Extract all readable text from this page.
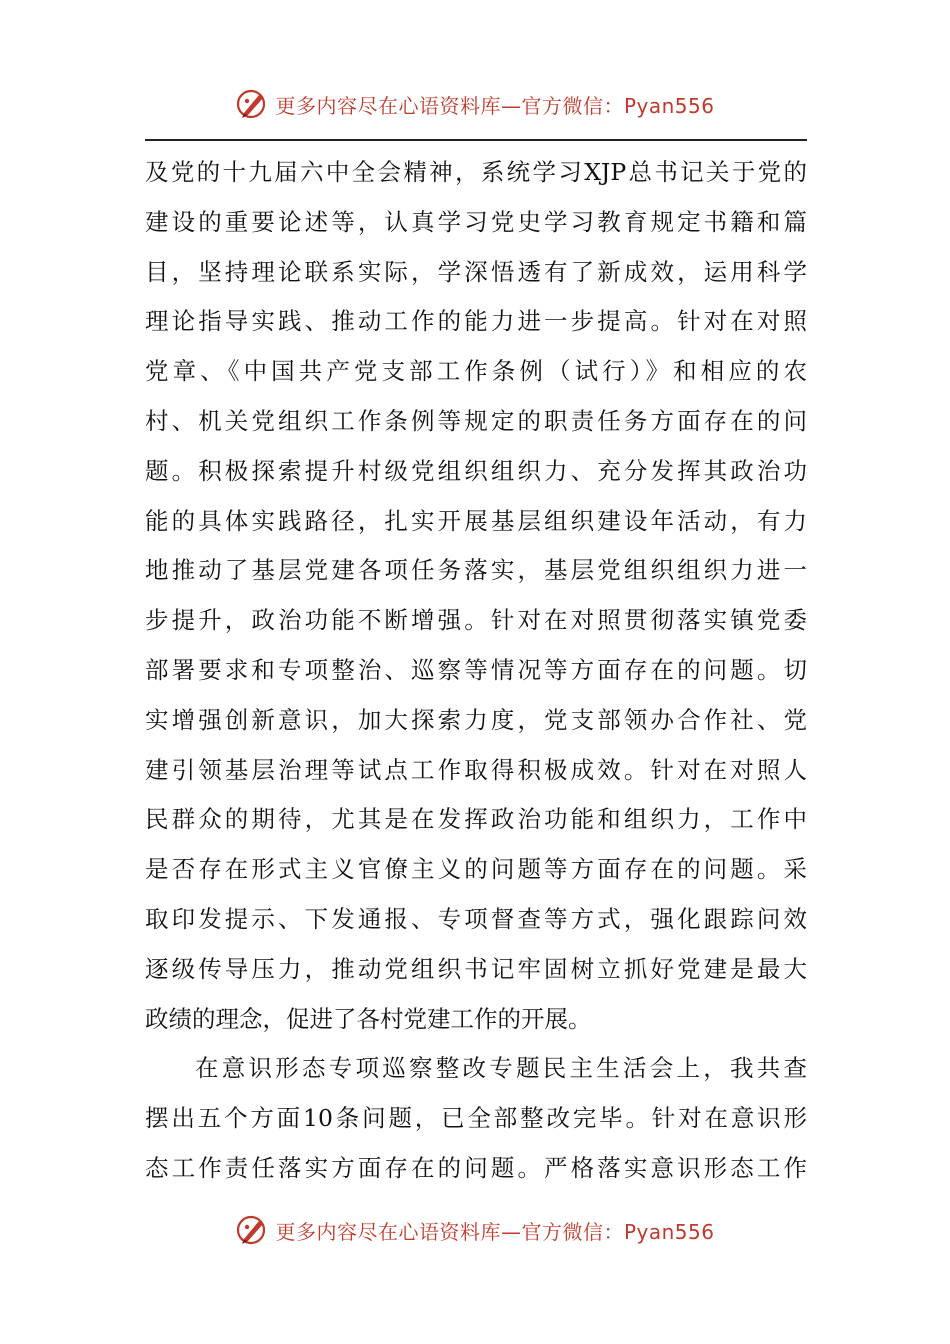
更多内容尽在心语资料库—官方微信：Pyan556
及党的十九届六中全会精神，系统学习XJP总书记关于党的
建设的重要论述等，认真学习党史学习教育规定书籍和篇
目，坚持理论联系实际，学深悟透有了新成效，运用科学
理论指导实践、推动工作的能力进一步提高。针对在对照
党章、《中国共产党支部工作条例（试行）》和相应的农
村、机关党组织工作条例等规定的职责任务方面存在的问
题。积极探索提升村级党组织组织力、充分发挥其政治功
能的具体实践路径，扎实开展基层组织建设年活动，有力
地推动了基层党建各项任务落实，基层党组织组织力进一
步提升，政治功能不断增强。针对在对照贯彻落实镇党委
部署要求和专项整治、巡察等情况等方面存在的问题。切
实增强创新意识，加大探索力度，党支部领办合作社、党
建引领基层治理等试点工作取得积极成效。针对在对照人
民群众的期待，尤其是在发挥政治功能和组织力，工作中
是否存在形式主义官僚主义的问题等方面存在的问题。采
取印发提示、下发通报、专项督查等方式，强化跟踪问效
逐级传导压力，推动党组织书记牢固树立抓好党建是最大
政绩的理念，促进了各村党建工作的开展。
在意识形态专项巡察整改专题民主生活会上，我共查
摆出五个方面10条问题，已全部整改完毕。针对在意识形
态工作责任落实方面存在的问题。严格落实意识形态工作
更多内容尽在心语资料库—官方微信：Pyan556
